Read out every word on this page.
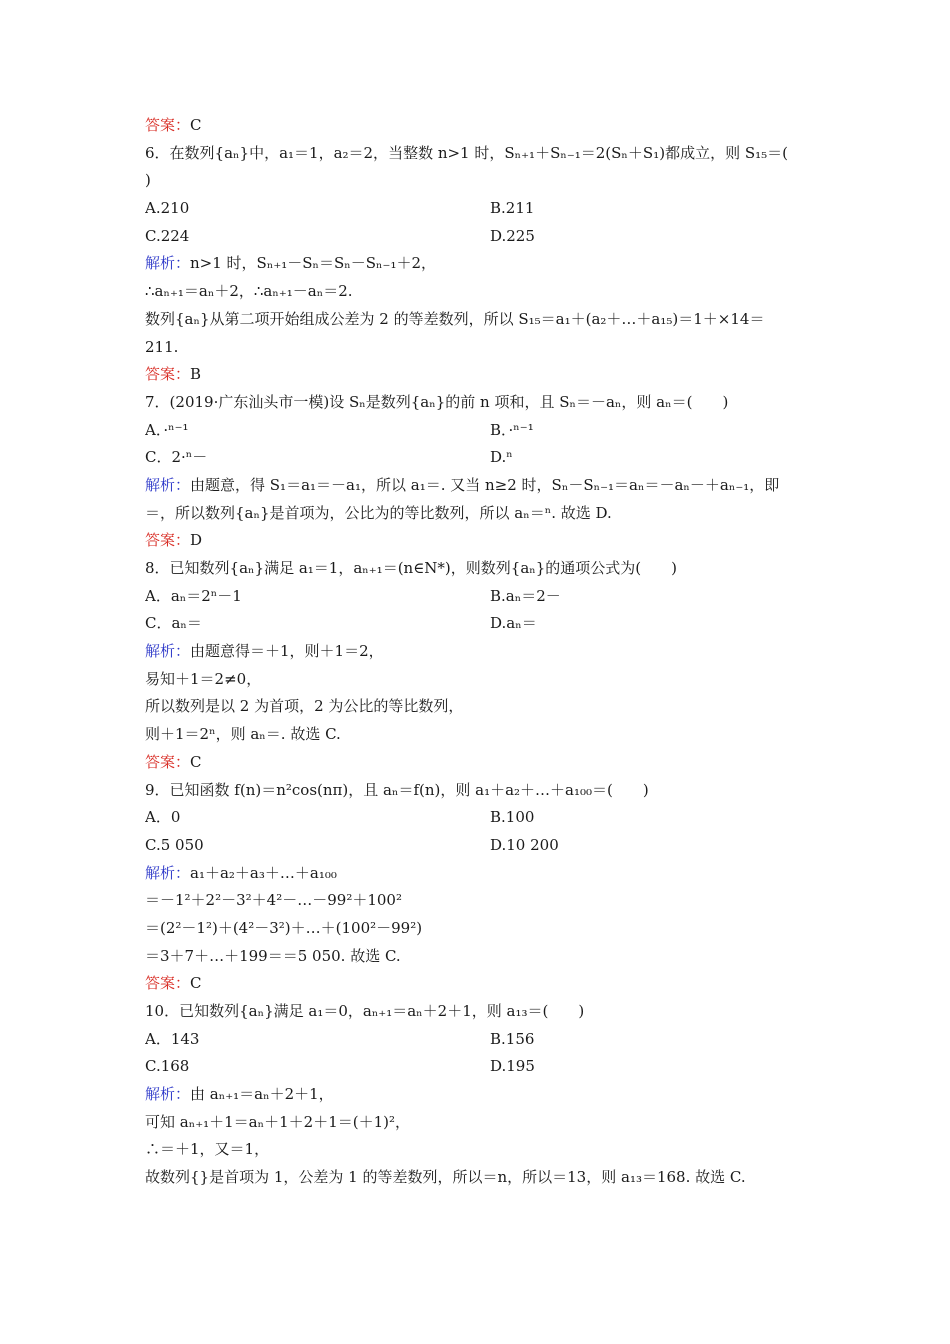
答案：C
6．在数列{aₙ}中，a₁＝1，a₂＝2，当整数 n>1 时，Sₙ₊₁＋Sₙ₋₁＝2(Sₙ＋S₁)都成立，则 S₁₅＝(
)
A.210	B.211
C.224	D.225
解析：n>1 时，Sₙ₊₁－Sₙ＝Sₙ－Sₙ₋₁＋2，
∴aₙ₊₁＝aₙ＋2，∴aₙ₊₁－aₙ＝2.
数列{aₙ}从第二项开始组成公差为 2 的等差数列，所以 S₁₅＝a₁＋(a₂＋…＋a₁₅)＝1＋×14＝
211.
答案：B
7．(2019·广东汕头市一模)设 Sₙ是数列{aₙ}的前 n 项和，且 Sₙ＝－aₙ，则 aₙ＝(　　)
A．·ⁿ⁻¹	B．·ⁿ⁻¹
C．2·ⁿ－	D.ⁿ
解析：由题意，得 S₁＝a₁＝－a₁，所以 a₁＝. 又当 n≥2 时，Sₙ－Sₙ₋₁＝aₙ＝－aₙ－＋aₙ₋₁，即
＝，所以数列{aₙ}是首项为，公比为的等比数列，所以 aₙ＝ⁿ. 故选 D.
答案：D
8．已知数列{aₙ}满足 a₁＝1，aₙ₊₁＝(n∈N*)，则数列{aₙ}的通项公式为(　　)
A．aₙ＝2ⁿ－1	B.aₙ＝2－
C．aₙ＝	D.aₙ＝
解析：由题意得＝＋1，则＋1＝2，
易知＋1＝2≠0，
所以数列是以 2 为首项，2 为公比的等比数列，
则＋1＝2ⁿ，则 aₙ＝. 故选 C.
答案：C
9．已知函数 f(n)＝n²cos(nπ)，且 aₙ＝f(n)，则 a₁＋a₂＋…＋a₁₀₀＝(　　)
A．0	B.100
C.5 050	D.10 200
解析：a₁＋a₂＋a₃＋…＋a₁₀₀
＝－1²＋2²－3²＋4²－…－99²＋100²
＝(2²－1²)＋(4²－3²)＋…＋(100²－99²)
＝3＋7＋…＋199＝＝5 050. 故选 C.
答案：C
10．已知数列{aₙ}满足 a₁＝0，aₙ₊₁＝aₙ＋2＋1，则 a₁₃＝(　　)
A．143	B.156
C.168	D.195
解析：由 aₙ₊₁＝aₙ＋2＋1，
可知 aₙ₊₁＋1＝aₙ＋1＋2＋1＝(＋1)²，
∴＝＋1，又＝1，
故数列{}是首项为 1，公差为 1 的等差数列，所以＝n，所以＝13，则 a₁₃＝168. 故选 C.
